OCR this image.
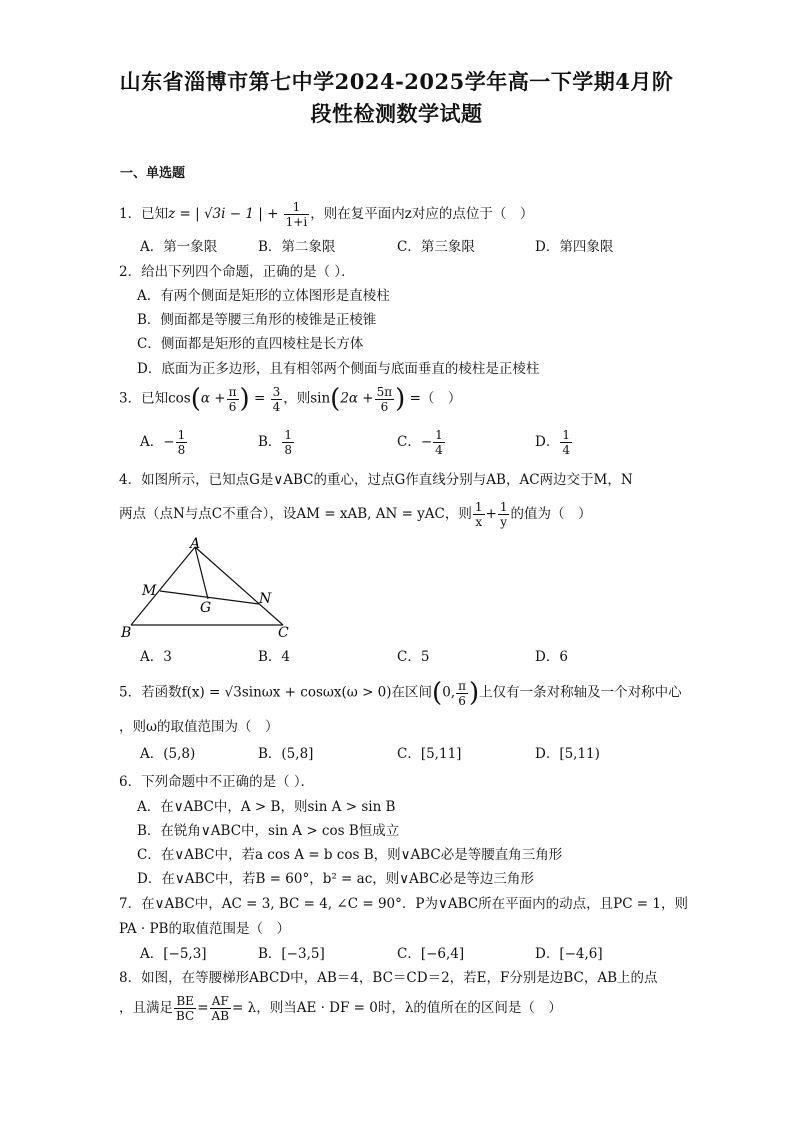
山东省淄博市第七中学2024-2025学年高一下学期4月阶
段性检测数学试题
一、单选题
1．已知z = | √3i − 1 | + $\frac{1}{1+i}$ ，则在复平面内z对应的点位于（　）
A．第一象限	B．第二象限	C．第三象限	D．第四象限
2．给出下列四个命题，正确的是（ ）．
A．有两个侧面是矩形的立体图形是直棱柱
B．侧面都是等腰三角形的棱锥是正棱锥
C．侧面都是矩形的直四棱柱是长方体
D．底面为正多边形，且有相邻两个侧面与底面垂直的棱柱是正棱柱
3．已知$\cos(\alpha + \frac{\pi}{6}$ ) = $\frac{3}{4}$ ，则$\sin(2\alpha + \frac{5\pi}{6}$ ) =（　）
A．− $\frac{1}{8}$	B． $\frac{1}{8}$	C．− $\frac{1}{4}$	D． $\frac{1}{4}$
4．如图所示，已知点G是∨ABC的重心，过点G作直线分别与AB，AC两边交于M，N
两点（点N与点C不重合），设AM = xAB, AN = yAC，则 $\frac{1}{x} + \frac{1}{y}$ 的值为（　）
A
B	C
M	N
G
A．3	B．4	C．5	D．6
5．若函数f(x) = √3sinωx + cosωx(ω > 0)在区间(0, $\frac{\pi}{6}$ )上仅有一条对称轴及一个对称中心
，则ω的取值范围为（　）
A．(5,8)	B．(5,8]	C．[5,11]	D．[5,11)
6．下列命题中不正确的是（ ）．
A．在∨ABC中，A > B，则sin A > sin B
B．在锐角∨ABC中，sin A > cos B恒成立
C．在∨ABC中，若a cos A = b cos B，则∨ABC必是等腰直角三角形
D．在∨ABC中，若B = 60°，b² = ac，则∨ABC必是等边三角形
7．在∨ABC中，AC = 3, BC = 4, ∠C = 90°．P为∨ABC所在平面内的动点，且PC = 1，则
PA · PB的取值范围是（　）
A．[−5,3]	B．[−3,5]	C．[−6,4]	D．[−4,6]
8．如图，在等腰梯形ABCD中，AB＝4，BC＝CD＝2，若E，F分别是边BC，AB上的点
，且满足 $\frac{BE}{BC} = \frac{AF}{AB} = \lambda$，则当AE · DF = 0时，λ的值所在的区间是（　）
